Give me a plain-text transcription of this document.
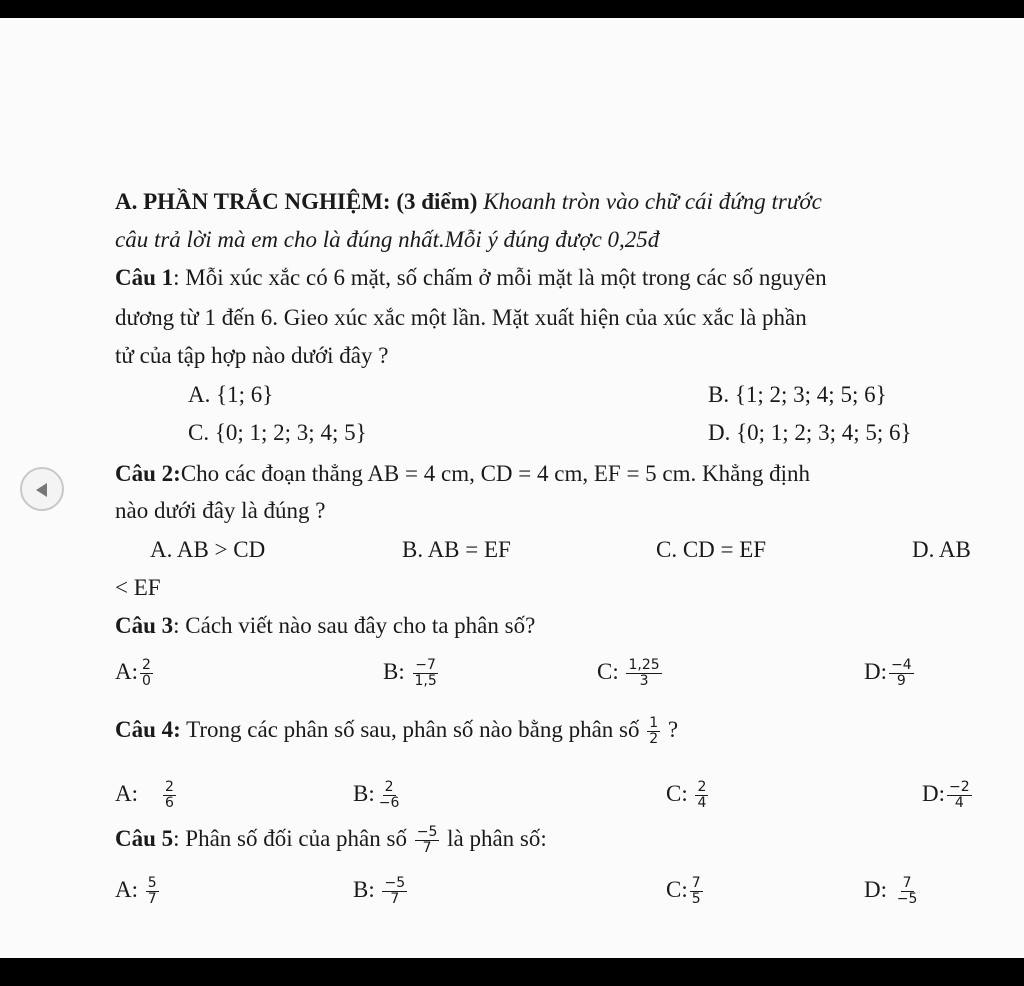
A. PHẦN TRẮC NGHIỆM: (3 điểm) Khoanh tròn vào chữ cái đứng trước
câu trả lời mà em cho là đúng nhất.Mỗi ý đúng được 0,25đ
Câu 1: Mỗi xúc xắc có 6 mặt, số chấm ở mỗi mặt là một trong các số nguyên
dương từ 1 đến 6. Gieo xúc xắc một lần. Mặt xuất hiện của xúc xắc là phần
tử của tập hợp nào dưới đây ?
A. {1; 6}	B. {1; 2; 3; 4; 5; 6}
C. {0; 1; 2; 3; 4; 5}	D. {0; 1; 2; 3; 4; 5; 6}
Câu 2:Cho các đoạn thẳng AB = 4 cm, CD = 4 cm, EF = 5 cm. Khẳng định
nào dưới đây là đúng ?
A. AB > CD	B. AB = EF	C. CD = EF	D. AB
< EF
Câu 3: Cách viết nào sau đây cho ta phân số?
A: $\frac{2}{0}$	B: $\frac{-7}{1,5}$	C: $\frac{1,25}{3}$	D: $\frac{-4}{9}$
Câu 4: Trong các phân số sau, phân số nào bằng phân số $\frac{1}{2}$ ?
A: $\frac{2}{6}$	B: $\frac{2}{-6}$	C: $\frac{2}{4}$	D: $\frac{-2}{4}$
Câu 5: Phân số đối của phân số $\frac{-5}{7}$ là phân số:
A: $\frac{5}{7}$	B: $\frac{-5}{7}$	C: $\frac{7}{5}$	D: $\frac{7}{-5}$
